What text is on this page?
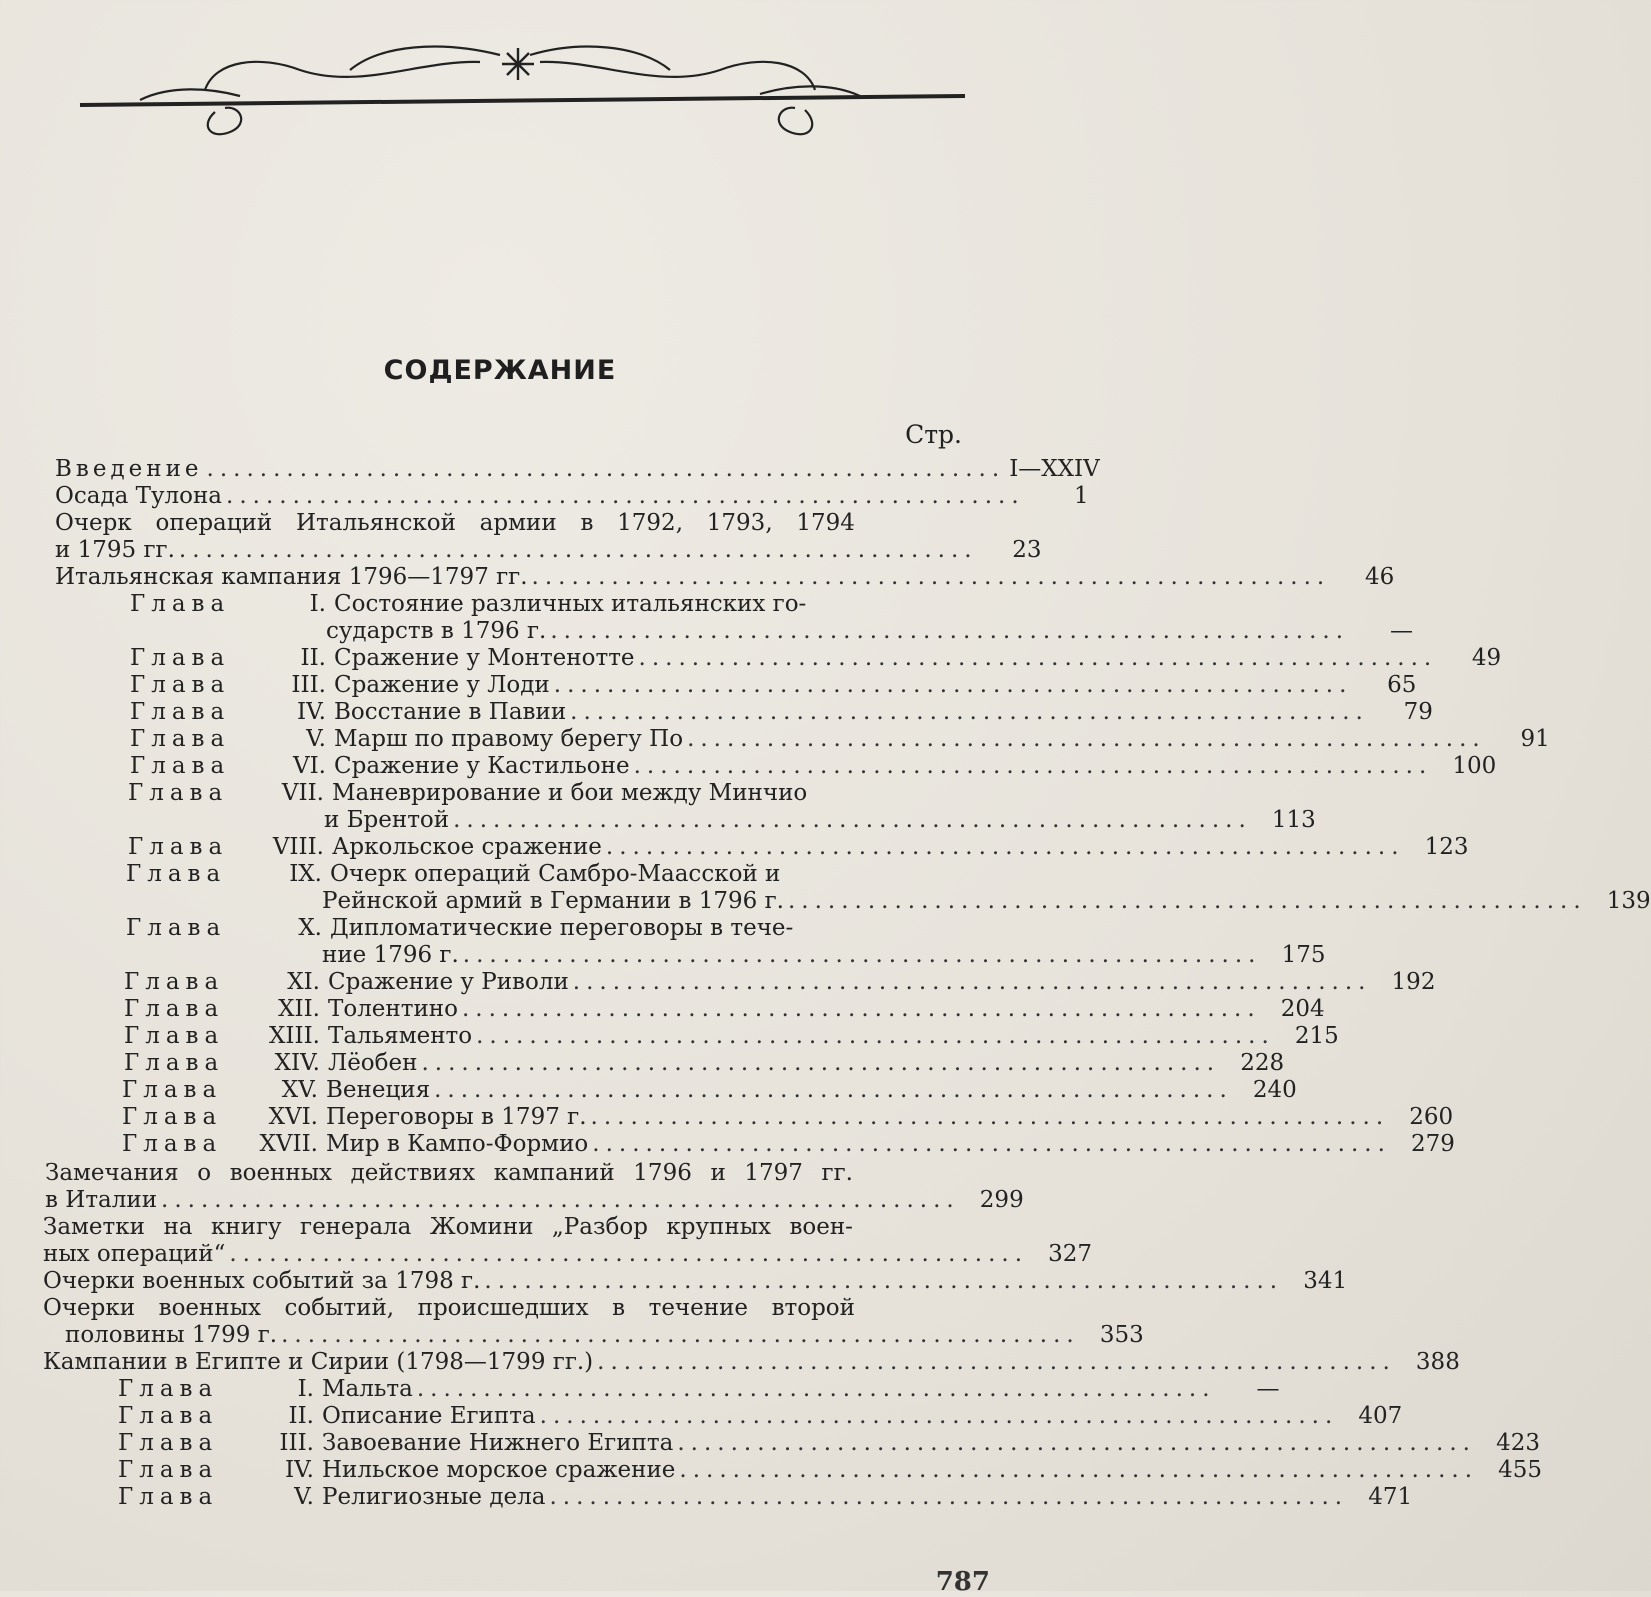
СОДЕРЖАНИЕ
Стр.
Введение ............................................................ I—XXIV
Осада Тулона ............................................................	1
Очерк операций Итальянской армии в 1792, 1793, 1794
и 1795 гг. ............................................................	23
Итальянская кампания 1796—1797 гг. ............................................................	46
Глава	I. Состояние различных итальянских го-
сударств в 1796 г. ............................................................	—
Глава	II. Сражение у Монтенотте ............................................................	49
Глава	III. Сражение у Лоди ............................................................	65
Глава	IV. Восстание в Павии ............................................................	79
Глава	V. Марш по правому берегу По ............................................................	91
Глава	VI. Сражение у Кастильоне ............................................................ 100
Глава	VII. Маневрирование и бои между Минчио
и Брентой ............................................................ 113
Глава	VIII. Аркольское сражение ............................................................ 123
Глава	IX. Очерк операций Самбро-Маасской и
Рейнской армий в Германии в 1796 г. ............................................................ 139
Глава	X. Дипломатические переговоры в тече-
ние 1796 г. ............................................................ 175
Глава	XI. Сражение у Риволи ............................................................ 192
Глава	XII. Толентино ............................................................ 204
Глава	XIII. Тальяменто ............................................................ 215
Глава	XIV. Лёобен ............................................................ 228
Глава	XV. Венеция ............................................................ 240
Глава	XVI. Переговоры в 1797 г. ............................................................ 260
Глава	XVII. Мир в Кампо-Формио ............................................................ 279
Замечания о военных действиях кампаний 1796 и 1797 гг.
в Италии ............................................................ 299
Заметки на книгу генерала Жомини „Разбор крупных воен-
ных операций“ ............................................................ 327
Очерки военных событий за 1798 г. ............................................................ 341
Очерки военных событий, происшедших в течение второй
половины 1799 г. ............................................................ 353
Кампании в Египте и Сирии (1798—1799 гг.) ............................................................ 388
Глава	I. Мальта ............................................................	—
Глава	II. Описание Египта ............................................................ 407
Глава	III. Завоевание Нижнего Египта ............................................................ 423
Глава	IV. Нильское морское сражение ............................................................ 455
Глава	V. Религиозные дела ............................................................ 471
787
